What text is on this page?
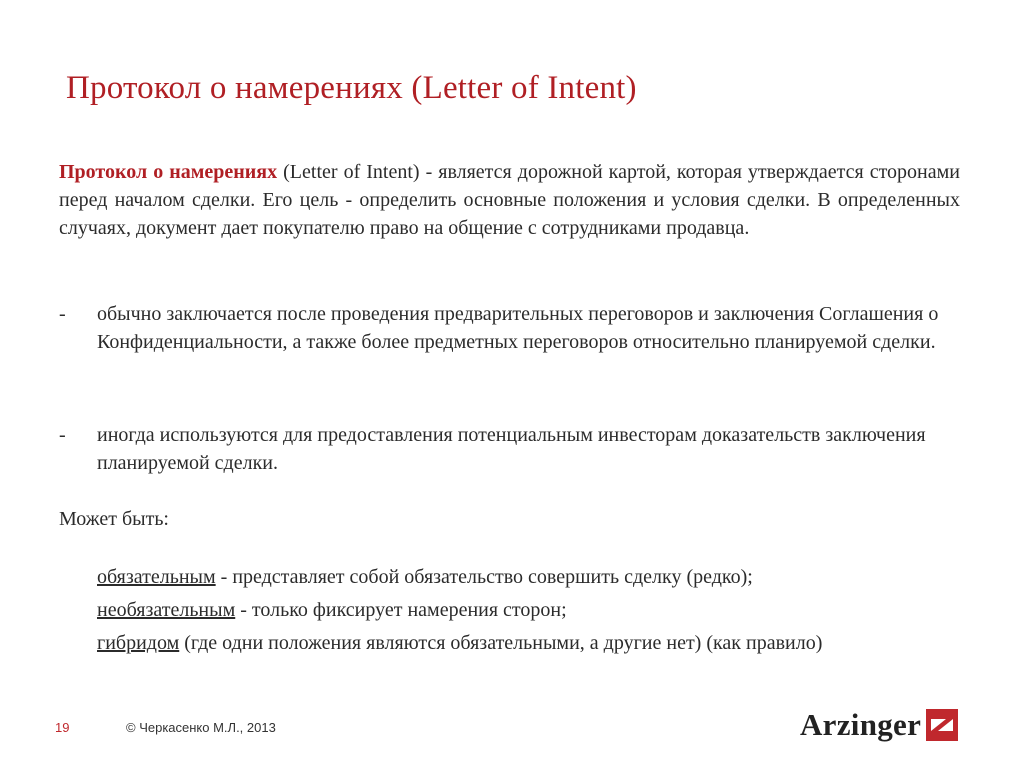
Протокол о намерениях (Letter of Intent)
Протокол о намерениях (Letter of Intent) - является дорожной картой, которая утверждается сторонами перед началом сделки. Его цель - определить основные положения и условия сделки. В определенных случаях, документ дает покупателю право на общение с сотрудниками продавца.
- обычно заключается после проведения предварительных переговоров и заключения Соглашения о Конфиденциальности, а также более предметных переговоров относительно планируемой сделки.
- иногда используются для предоставления потенциальным инвесторам доказательств заключения планируемой сделки.
Может быть:
обязательным - представляет собой обязательство совершить сделку (редко);
необязательным - только фиксирует намерения сторон;
гибридом (где одни положения являются обязательными, а другие нет) (как правило)
19	© Черкасенко М.Л., 2013	Arzinger
